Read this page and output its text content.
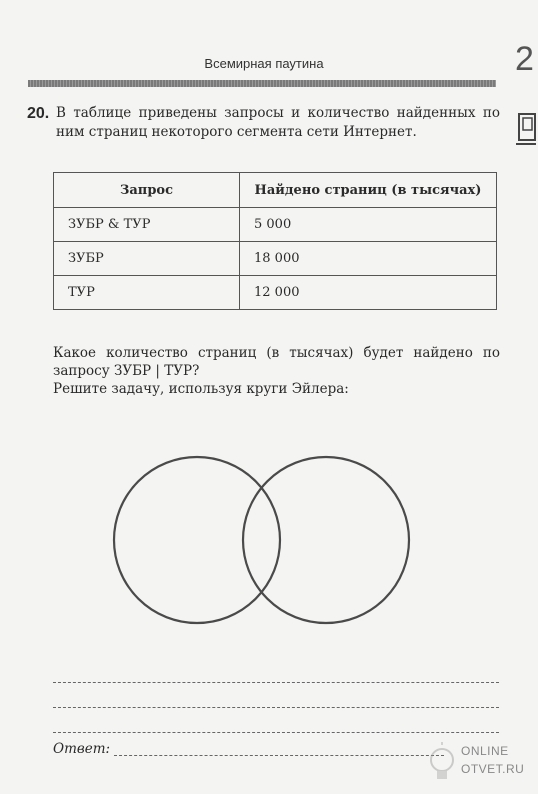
Всемирная паутина	2
20. В таблице приведены запросы и количество найденных по ним страниц некоторого сегмента сети Интернет.
Запрос	Найдено страниц (в тысячах)
ЗУБР & ТУР	5 000
ЗУБР	18 000
ТУР	12 000
Какое количество страниц (в тысячах) будет найдено по запросу ЗУБР | ТУР?
Решите задачу, используя круги Эйлера:
Ответ:	ONLINE
OTVET.RU
